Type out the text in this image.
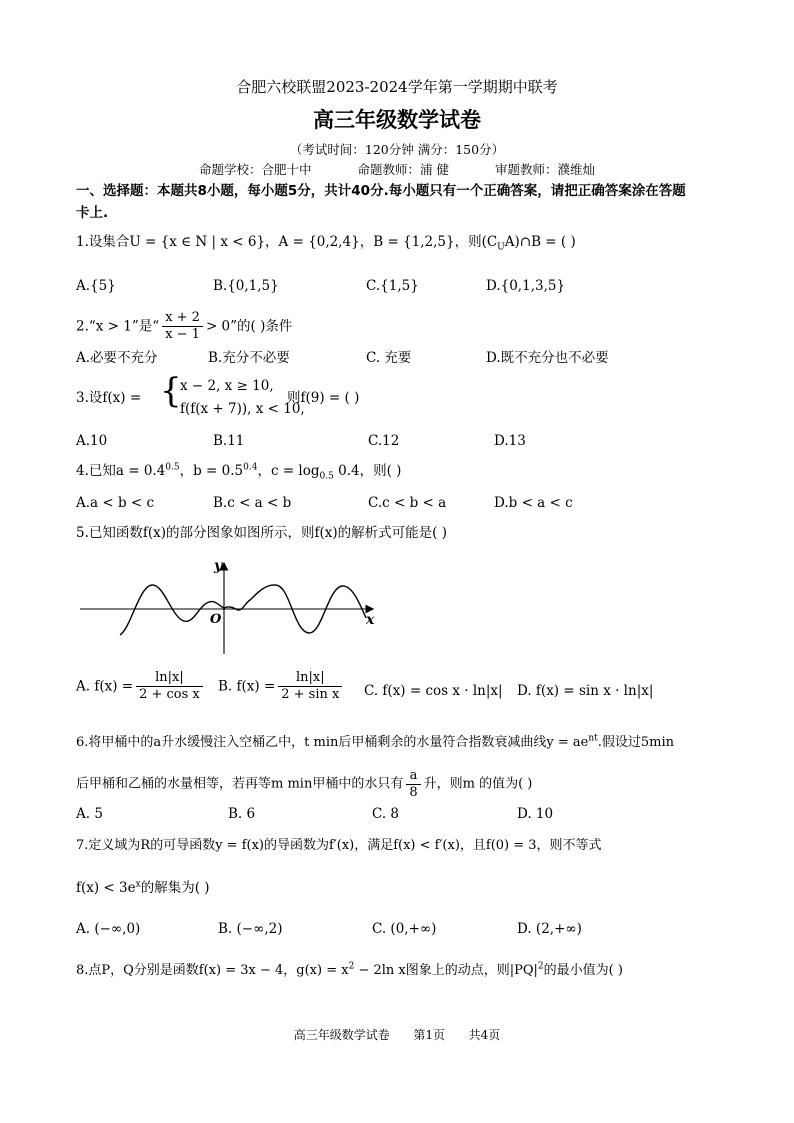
合肥六校联盟2023-2024学年第一学期期中联考
高三年级数学试卷
（考试时间：120分钟 满分：150分）
命题学校：合肥十中	命题教师：浦 健	审题教师：濮维灿
一、选择题：本题共8小题，每小题5分，共计40分.每小题只有一个正确答案，请把正确答案涂在答题
卡上.
1.设集合U = {x ∈ N | x < 6}，A = {0,2,4}，B = {1,2,5}，则$(C_UA)\cap B$ = ( )
A.{5}	B.{0,1,5}	C.{1,5}	D.{0,1,3,5}
2.“x > 1”是“ $\frac{x + 2}{x - 1} > 0$”的( )条件
A.必要不充分	B.充分不必要	C. 充要	D.既不充分也不必要
3.设f(x) = {
x − 2, x ≥ 10,
f(f(x + 7)), x < 10,
则f(9) = ( )
A.10	B.11	C.12	D.13
4.已知$a = 0.4^{0.5}$，$b = 0.5^{0.4}$，$c = \log_{0.5} 0.4$，则( )
A.a < b < c	B.c < a < b	C.c < b < a	D.b < a < c
5.已知函数f(x)的部分图象如图所示，则f(x)的解析式可能是( )
y
x
O
A. $f(x) = \frac{\ln|x|}{\text{2 + cos x}} B$. $f(x) = \frac{\ln|x|}{\text{2 + sin x}} C$. f(x) = cos x · ln|x| D. f(x) = sin x · ln|x|
6.将甲桶中的a升水缓慢注入空桶乙中，t min后甲桶剩余的水量符合指数衰减曲线$y = ae^{nt}$.假设过5min
后甲桶和乙桶的水量相等，若再等m min甲桶中的水只有 $\frac{a}{8}$ 升，则m 的值为( )
A. 5	B. 6	C. 8	D. 10
7.定义域为R的可导函数y = f(x)的导函数为f′(x)，满足f(x) < f′(x)，且f(0) = 3，则不等式
$f(x) < 3e^x$的解集为( )
A. (−∞,0)	B. (−∞,2)	C. (0,+∞)	D. (2,+∞)
8.点P，Q分别是函数f(x) = 3x − 4，$g(x) = x^2 - 2\ln$ x图象上的动点，则$|PQ|^2$的最小值为( )
高三年级数学试卷 第1页 共4页
